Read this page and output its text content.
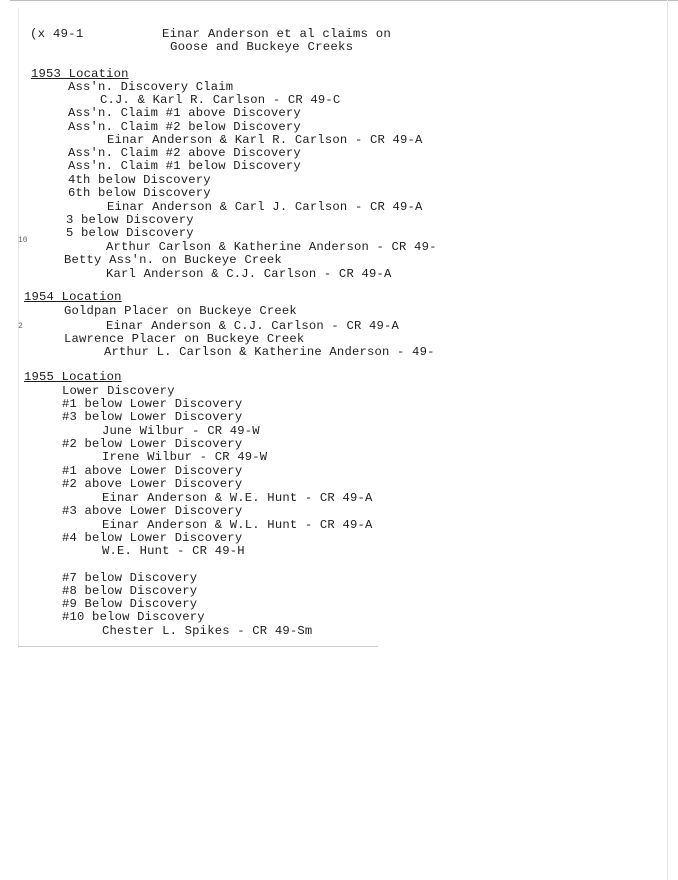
(x 49-1	Einar Anderson et al claims on
Goose and Buckeye Creeks
10
2
1953 Location
Ass'n. Discovery Claim
C.J. & Karl R. Carlson - CR 49-C
Ass'n. Claim #1 above Discovery
Ass'n. Claim #2 below Discovery
Einar Anderson & Karl R. Carlson - CR 49-A
Ass'n. Claim #2 above Discovery
Ass'n. Claim #1 below Discovery
4th below Discovery
6th below Discovery
Einar Anderson & Carl J. Carlson - CR 49-A
3 below Discovery
5 below Discovery
Arthur Carlson & Katherine Anderson - CR 49-
Betty Ass'n. on Buckeye Creek
Karl Anderson & C.J. Carlson - CR 49-A
1954 Location
Goldpan Placer on Buckeye Creek
Einar Anderson & C.J. Carlson - CR 49-A
Lawrence Placer on Buckeye Creek
Arthur L. Carlson & Katherine Anderson - 49-
1955 Location
Lower Discovery
#1 below Lower Discovery
#3 below Lower Discovery
June Wilbur - CR 49-W
#2 below Lower Discovery
Irene Wilbur - CR 49-W
#1 above Lower Discovery
#2 above Lower Discovery
Einar Anderson & W.E. Hunt - CR 49-A
#3 above Lower Discovery
Einar Anderson & W.L. Hunt - CR 49-A
#4 below Lower Discovery
W.E. Hunt - CR 49-H
#7 below Discovery
#8 below Discovery
#9 Below Discovery
#10 below Discovery
Chester L. Spikes - CR 49-Sm
